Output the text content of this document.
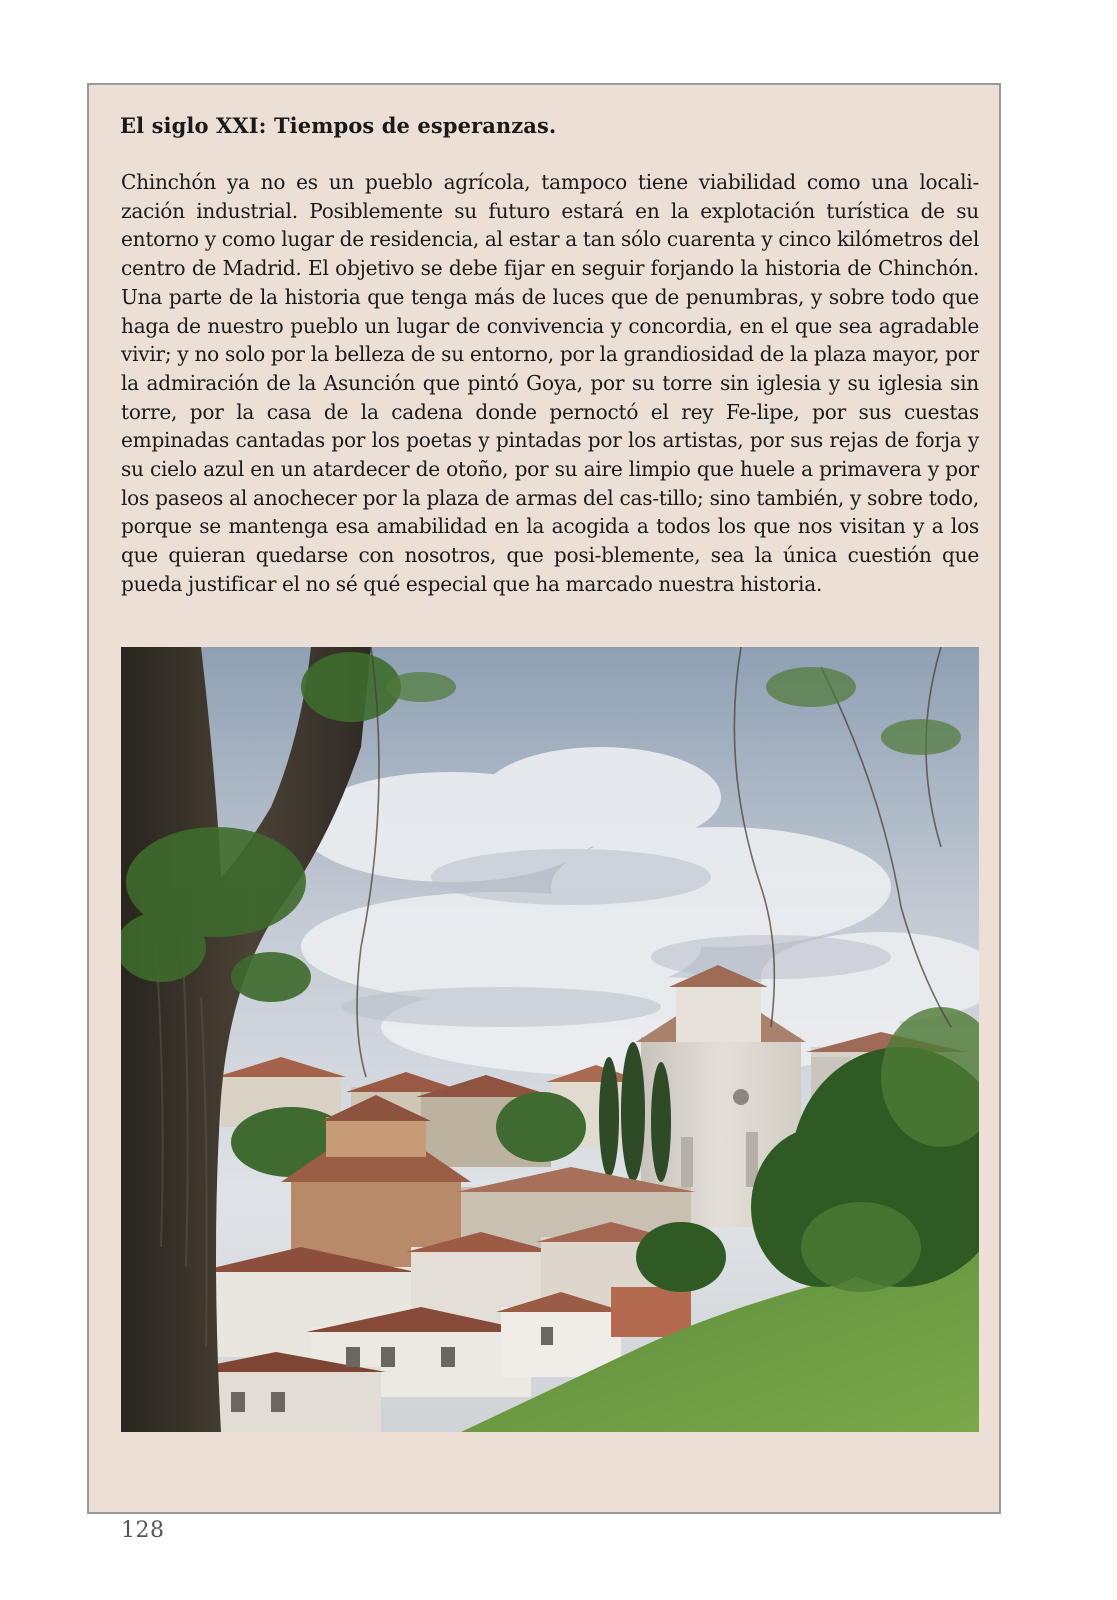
El siglo XXI: Tiempos de esperanzas.

Chinchón ya no es un pueblo agrícola, tampoco tiene viabilidad como una locali-zación industrial. Posiblemente su futuro estará en la explotación turística de su entorno y como lugar de residencia, al estar a tan sólo cuarenta y cinco kilómetros del centro de Madrid. El objetivo se debe fijar en seguir forjando la historia de Chinchón. Una parte de la historia que tenga más de luces que de penumbras, y sobre todo que haga de nuestro pueblo un lugar de convivencia y concordia, en el que sea agradable vivir; y no solo por la belleza de su entorno, por la grandiosidad de la plaza mayor, por la admiración de la Asunción que pintó Goya, por su torre sin iglesia y su iglesia sin torre, por la casa de la cadena donde pernoctó el rey Fe-lipe, por sus cuestas empinadas cantadas por los poetas y pintadas por los artistas, por sus rejas de forja y su cielo azul en un atardecer de otoño, por su aire limpio que huele a primavera y por los paseos al anochecer por la plaza de armas del cas-tillo; sino también, y sobre todo, porque se mantenga esa amabilidad en la acogida a todos los que nos visitan y a los que quieran quedarse con nosotros, que posi-blemente, sea la única cuestión que pueda justificar el no sé qué especial que ha marcado nuestra historia.

128
